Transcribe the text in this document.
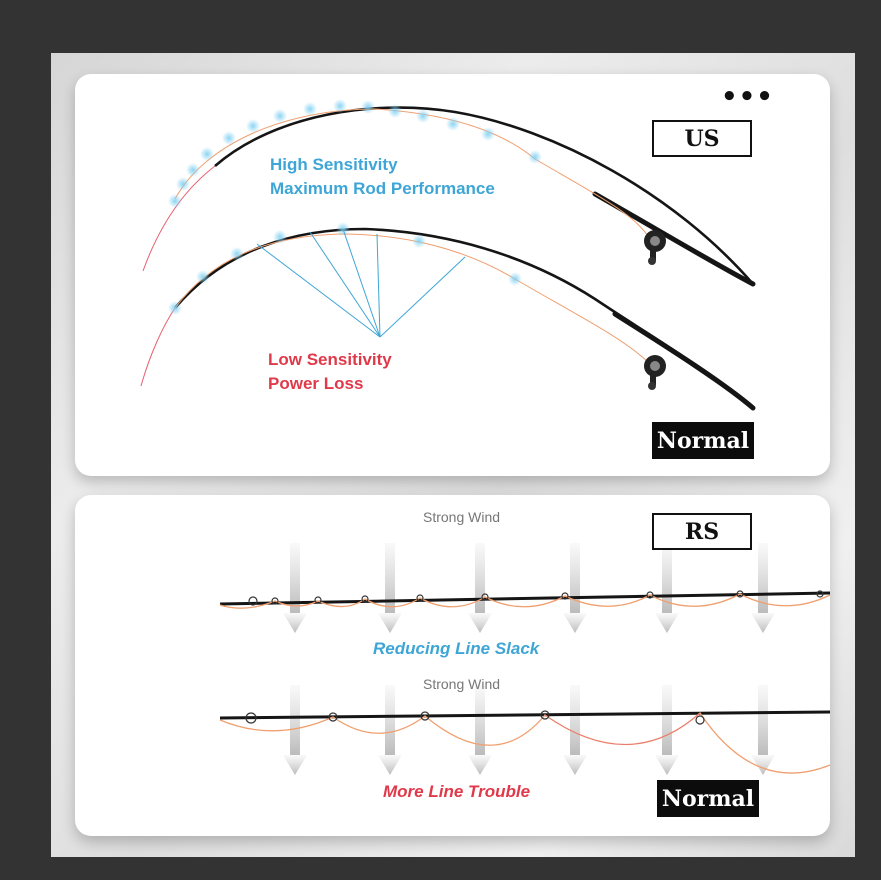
•••
US
Normal
High Sensitivity
Maximum Rod Performance
Low Sensitivity
Power Loss
Strong Wind
Strong Wind
RS
Normal
Reducing Line Slack
More Line Trouble
